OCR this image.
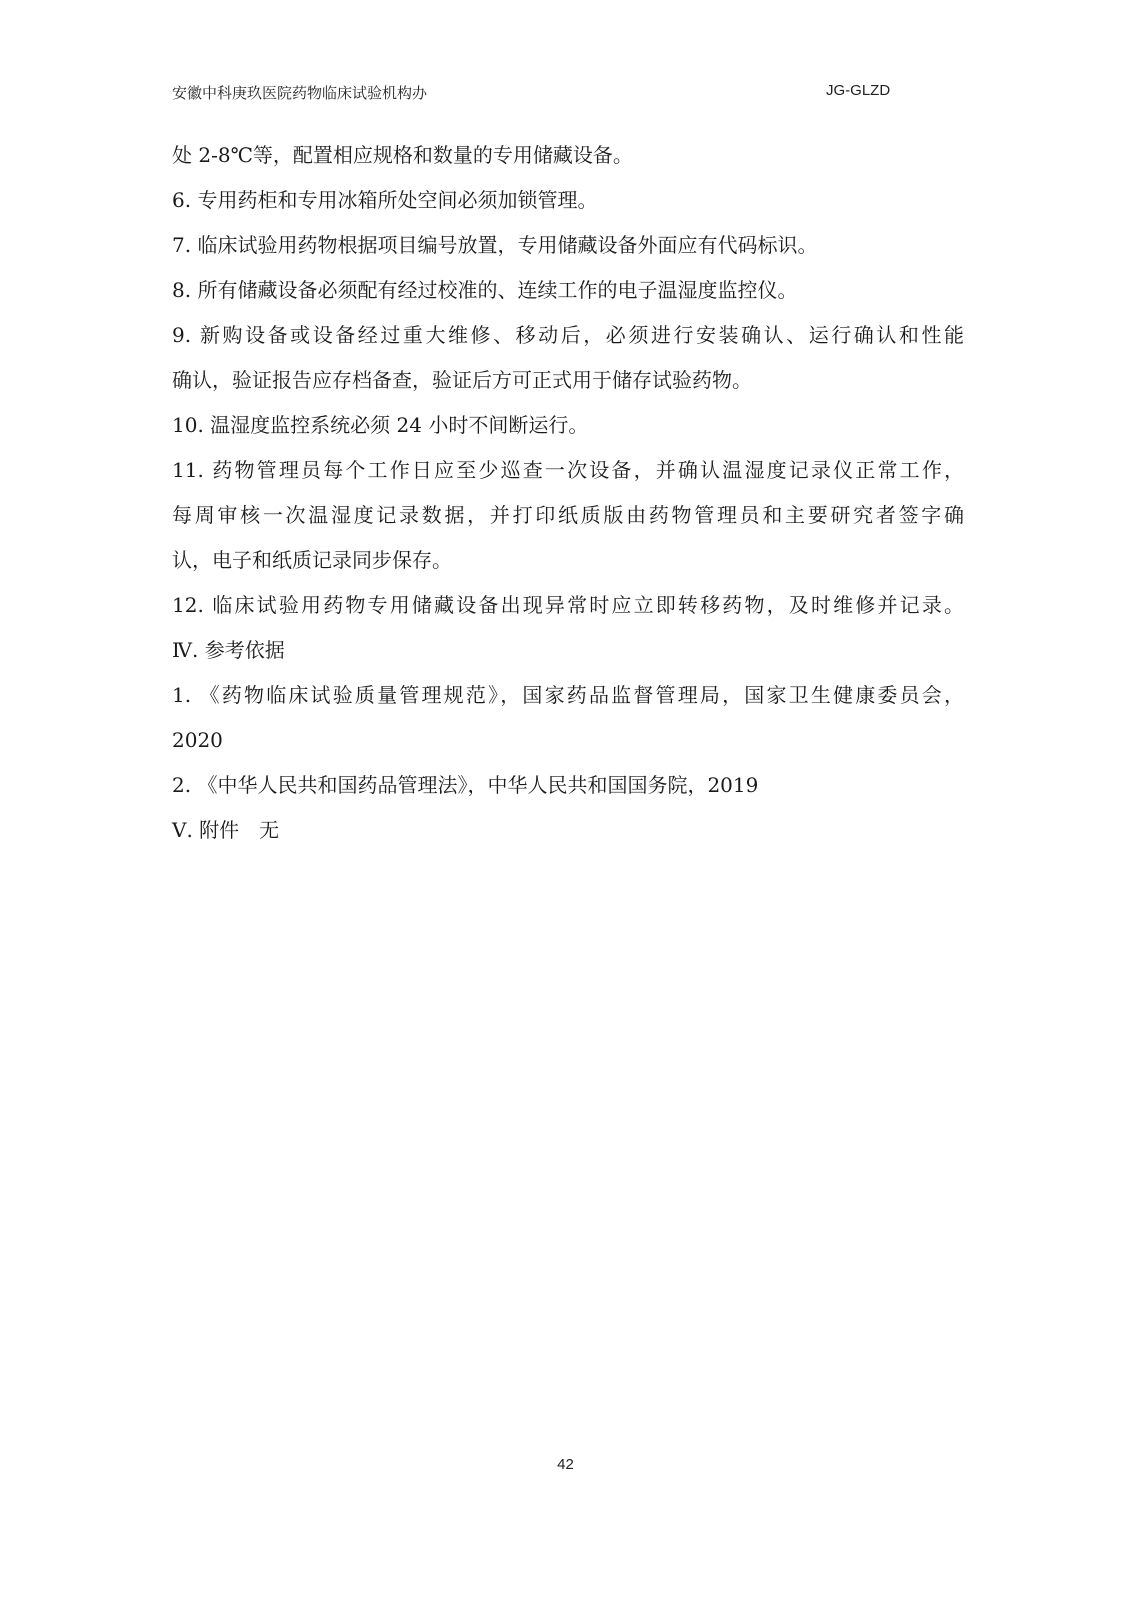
安徽中科庚玖医院药物临床试验机构办	JG-GLZD
处 2-8℃等，配置相应规格和数量的专用储藏设备。
6. 专用药柜和专用冰箱所处空间必须加锁管理。
7. 临床试验用药物根据项目编号放置，专用储藏设备外面应有代码标识。
8. 所有储藏设备必须配有经过校准的、连续工作的电子温湿度监控仪。
9. 新购设备或设备经过重大维修、移动后，必须进行安装确认、运行确认和性能
确认，验证报告应存档备查，验证后方可正式用于储存试验药物。
10. 温湿度监控系统必须 24 小时不间断运行。
11. 药物管理员每个工作日应至少巡查一次设备，并确认温湿度记录仪正常工作，
每周审核一次温湿度记录数据，并打印纸质版由药物管理员和主要研究者签字确
认，电子和纸质记录同步保存。
12. 临床试验用药物专用储藏设备出现异常时应立即转移药物，及时维修并记录。
Ⅳ. 参考依据
1. 《药物临床试验质量管理规范》，国家药品监督管理局，国家卫生健康委员会，
2020
2. 《中华人民共和国药品管理法》，中华人民共和国国务院，2019
Ⅴ. 附件　无
42
